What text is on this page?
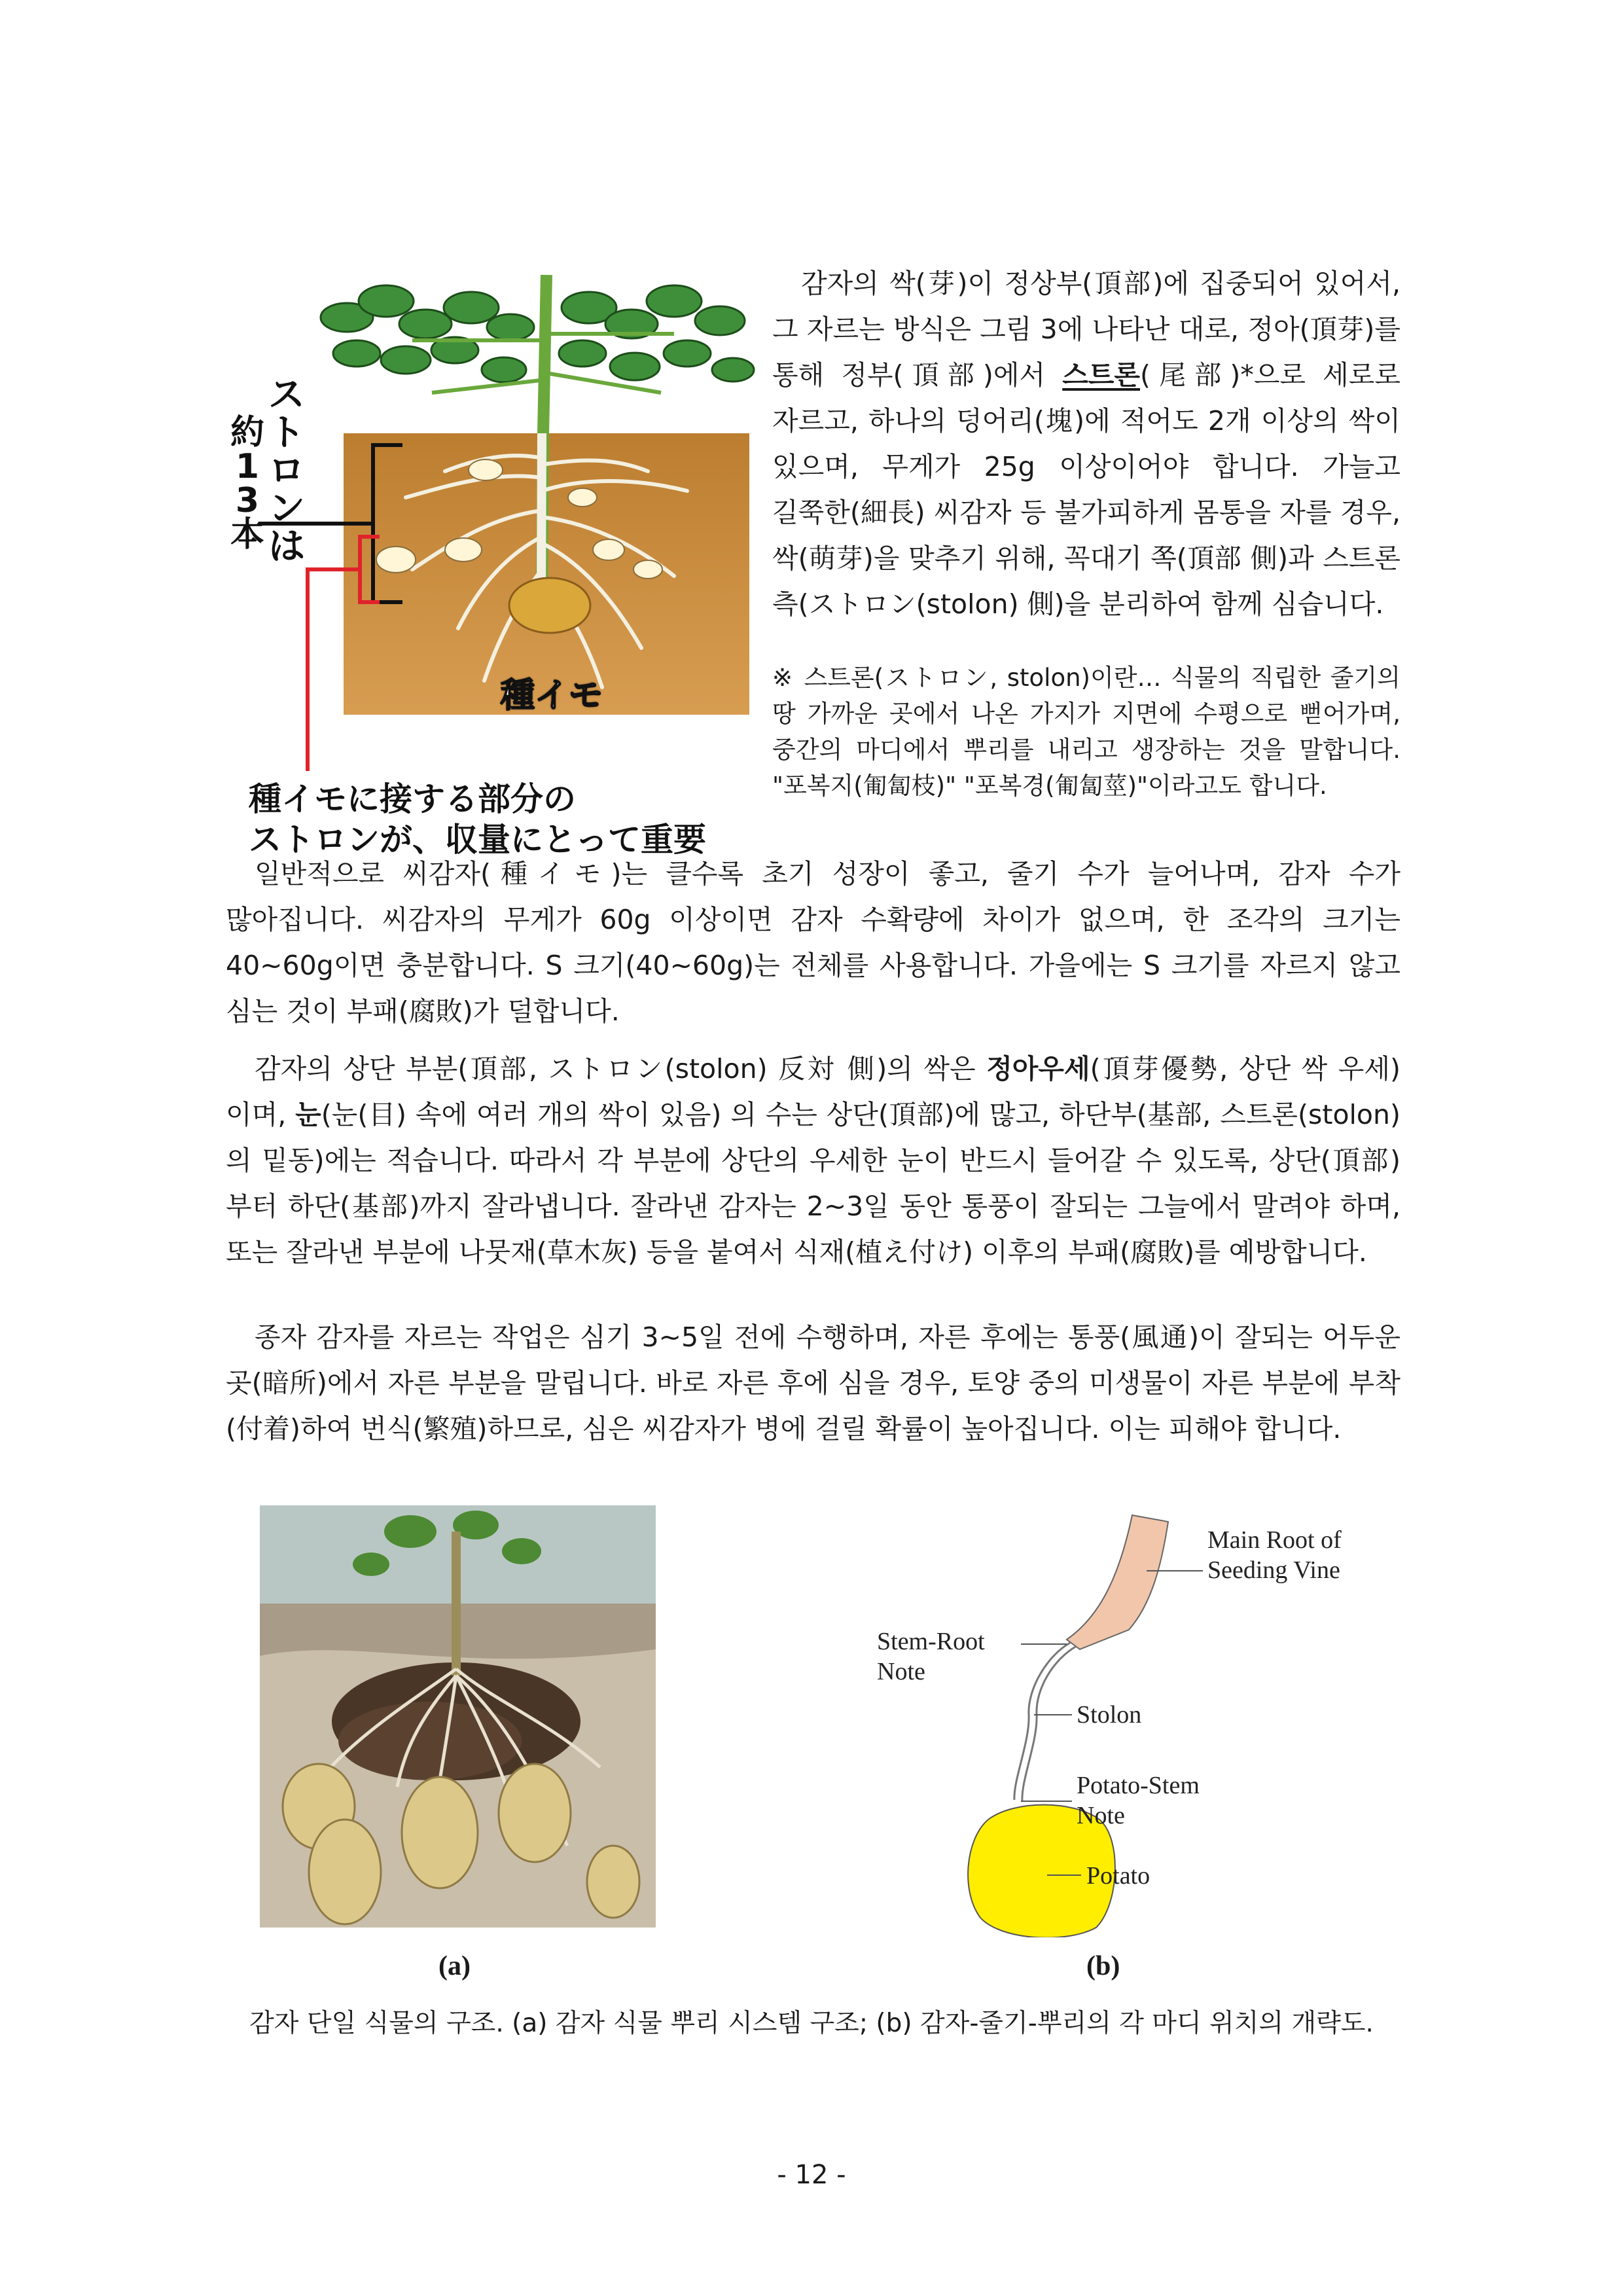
ストロンは
約13本
種イモ
種イモに接する部分の
ストロンが、収量にとって重要

감자의 싹(芽)이 정상부(頂部)에 집중되어 있어서, 그 자르는 방식은 그림 3에 나타난 대로, 정아(頂芽)를 통해 정부(頂部)에서 스트론(尾部)*으로 세로로 자르고, 하나의 덩어리(塊)에 적어도 2개 이상의 싹이 있으며, 무게가 25g 이상이어야 합니다. 가늘고 길쭉한(細長) 씨감자 등 불가피하게 몸통을 자를 경우, 싹(萌芽)을 맞추기 위해, 꼭대기 쪽(頂部 側)과 스트론 측(ストロン(stolon) 側)을 분리하여 함께 심습니다.

※ 스트론(ストロン, stolon)이란… 식물의 직립한 줄기의 땅 가까운 곳에서 나온 가지가 지면에 수평으로 뻗어가며, 중간의 마디에서 뿌리를 내리고 생장하는 것을 말합니다. "포복지(匍匐枝)" "포복경(匍匐莖)"이라고도 합니다.

일반적으로 씨감자(種イモ)는 클수록 초기 성장이 좋고, 줄기 수가 늘어나며, 감자 수가 많아집니다. 씨감자의 무게가 60g 이상이면 감자 수확량에 차이가 없으며, 한 조각의 크기는 40~60g이면 충분합니다. S 크기(40~60g)는 전체를 사용합니다. 가을에는 S 크기를 자르지 않고 심는 것이 부패(腐敗)가 덜합니다.

감자의 상단 부분(頂部, ストロン(stolon) 反対 側)의 싹은 정아우세(頂芽優勢, 상단 싹 우세)이며, 눈(눈(目) 속에 여러 개의 싹이 있음) 의 수는 상단(頂部)에 많고, 하단부(基部, 스트론(stolon)의 밑동)에는 적습니다. 따라서 각 부분에 상단의 우세한 눈이 반드시 들어갈 수 있도록, 상단(頂部)부터 하단(基部)까지 잘라냅니다. 잘라낸 감자는 2~3일 동안 통풍이 잘되는 그늘에서 말려야 하며, 또는 잘라낸 부분에 나뭇재(草木灰) 등을 붙여서 식재(植え付け) 이후의 부패(腐敗)를 예방합니다.

종자 감자를 자르는 작업은 심기 3~5일 전에 수행하며, 자른 후에는 통풍(風通)이 잘되는 어두운 곳(暗所)에서 자른 부분을 말립니다. 바로 자른 후에 심을 경우, 토양 중의 미생물이 자른 부분에 부착(付着)하여 번식(繁殖)하므로, 심은 씨감자가 병에 걸릴 확률이 높아집니다. 이는 피해야 합니다.

(a)
Main Root of
Seeding Vine
Stem-Root
Note
Stolon
Potato-Stem
Note
Potato
(b)
감자 단일 식물의 구조. (a) 감자 식물 뿌리 시스템 구조; (b) 감자-줄기-뿌리의 각 마디 위치의 개략도.
- 12 -
